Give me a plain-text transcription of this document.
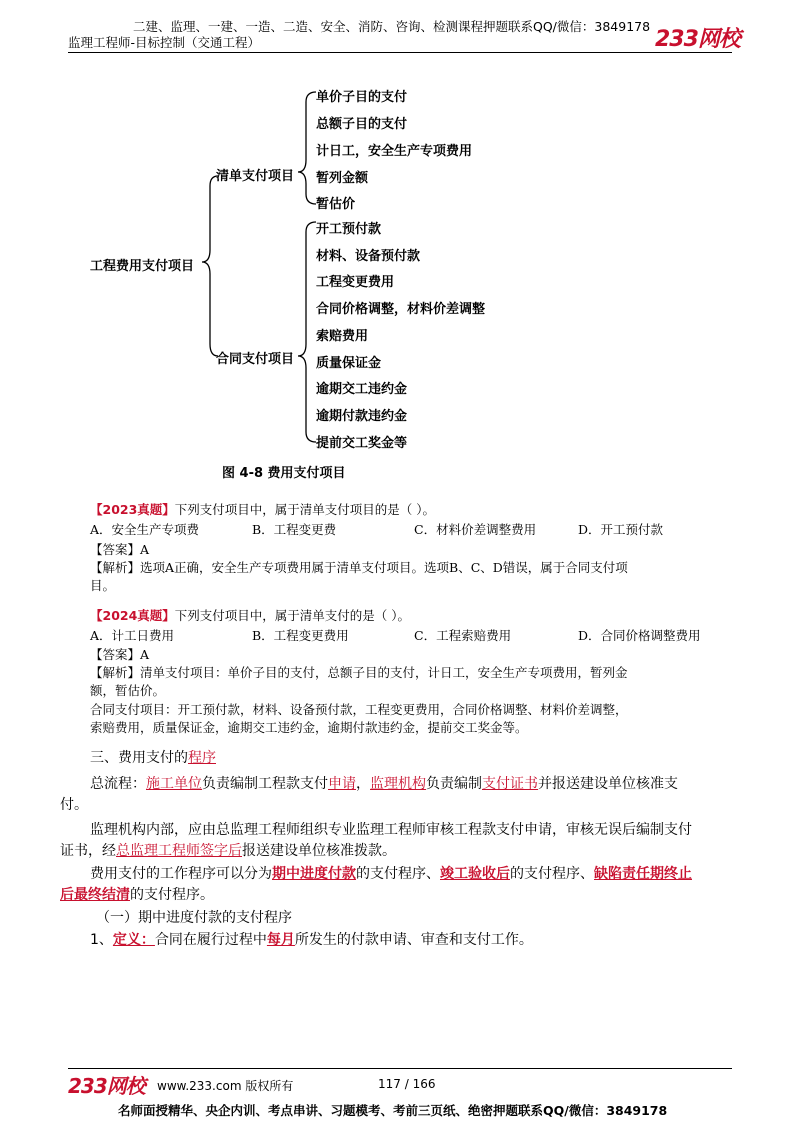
二建、监理、一建、一造、二造、安全、消防、咨询、检测课程押题联系QQ/微信：3849178
监理工程师-目标控制（交通工程）	233网校
工程费用支付项目
清单支付项目
合同支付项目
单价子目的支付
总额子目的支付
计日工，安全生产专项费用
暂列金额
暂估价
开工预付款
材料、设备预付款
工程变更费用
合同价格调整，材料价差调整
索赔费用
质量保证金
逾期交工违约金
逾期付款违约金
提前交工奖金等
图 4-8 费用支付项目
【2023真题】下列支付项目中，属于清单支付项目的是（ ）。
A．安全生产专项费	B．工程变更费	C．材料价差调整费用	D．开工预付款
【答案】A
【解析】选项A正确，安全生产专项费用属于清单支付项目。选项B、C、D错误，属于合同支付项
目。
【2024真题】下列支付项目中，属于清单支付的是（ ）。
A．计工日费用	B．工程变更费用	C．工程索赔费用	D．合同价格调整费用
【答案】A
【解析】清单支付项目：单价子目的支付，总额子目的支付，计日工，安全生产专项费用，暂列金
额，暂估价。
合同支付项目：开工预付款，材料、设备预付款，工程变更费用，合同价格调整、材料价差调整，
索赔费用，质量保证金，逾期交工违约金，逾期付款违约金，提前交工奖金等。
三、费用支付的程序
总流程：施工单位负责编制工程款支付申请，监理机构负责编制支付证书并报送建设单位核准支
付。
监理机构内部，应由总监理工程师组织专业监理工程师审核工程款支付申请，审核无误后编制支付
证书，经总监理工程师签字后报送建设单位核准拨款。
费用支付的工作程序可以分为期中进度付款的支付程序、竣工验收后的支付程序、缺陷责任期终止
后最终结清的支付程序。
（一）期中进度付款的支付程序
1、定义：合同在履行过程中每月所发生的付款申请、审查和支付工作。
233网校 www.233.com 版权所有	117 / 166
名师面授精华、央企内训、考点串讲、习题模考、考前三页纸、绝密押题联系QQ/微信：3849178
